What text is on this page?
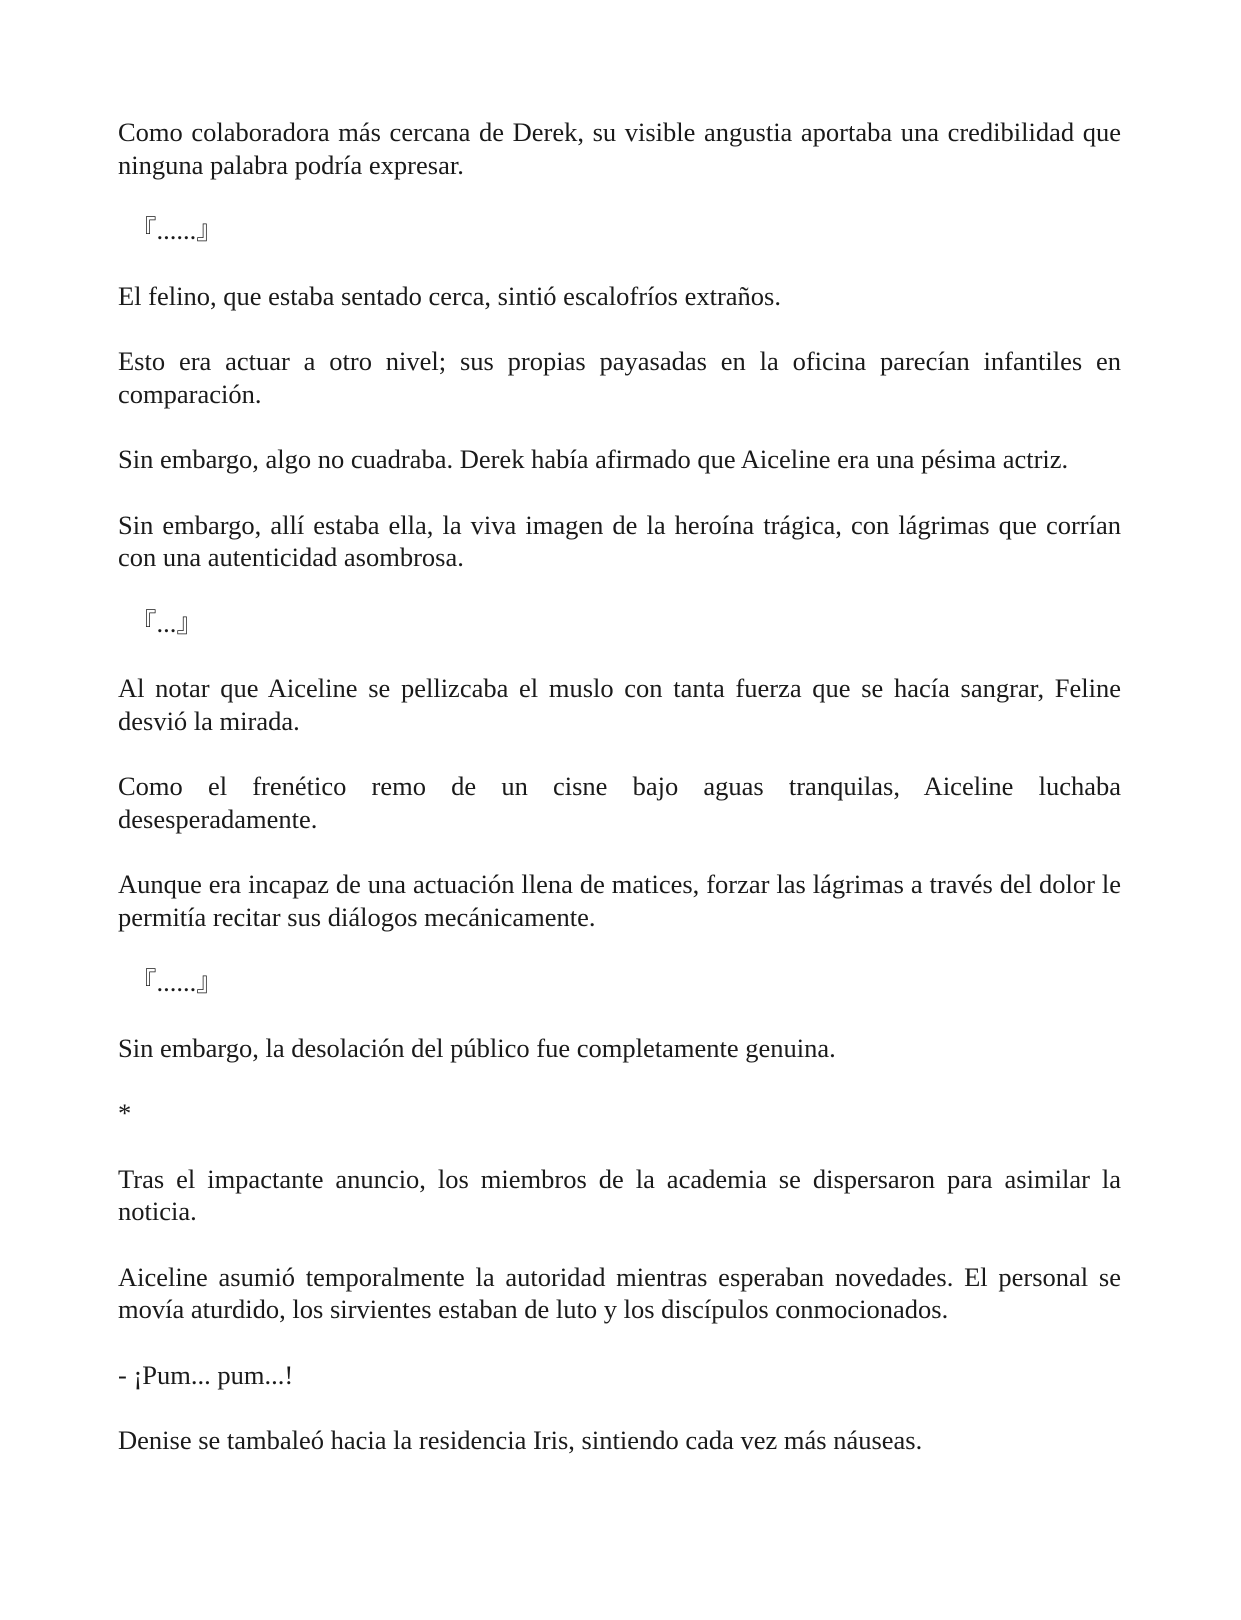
Como colaboradora más cercana de Derek, su visible angustia aportaba una credibilidad que ninguna palabra podría expresar.

『......』

El felino, que estaba sentado cerca, sintió escalofríos extraños.

Esto era actuar a otro nivel; sus propias payasadas en la oficina parecían infantiles en comparación.

Sin embargo, algo no cuadraba. Derek había afirmado que Aiceline era una pésima actriz.

Sin embargo, allí estaba ella, la viva imagen de la heroína trágica, con lágrimas que corrían con una autenticidad asombrosa.

『...』

Al notar que Aiceline se pellizcaba el muslo con tanta fuerza que se hacía sangrar, Feline desvió la mirada.

Como el frenético remo de un cisne bajo aguas tranquilas, Aiceline luchaba desesperadamente.

Aunque era incapaz de una actuación llena de matices, forzar las lágrimas a través del dolor le permitía recitar sus diálogos mecánicamente.

『......』

Sin embargo, la desolación del público fue completamente genuina.

*

Tras el impactante anuncio, los miembros de la academia se dispersaron para asimilar la noticia.

Aiceline asumió temporalmente la autoridad mientras esperaban novedades. El personal se movía aturdido, los sirvientes estaban de luto y los discípulos conmocionados.

- ¡Pum... pum...!

Denise se tambaleó hacia la residencia Iris, sintiendo cada vez más náuseas.
